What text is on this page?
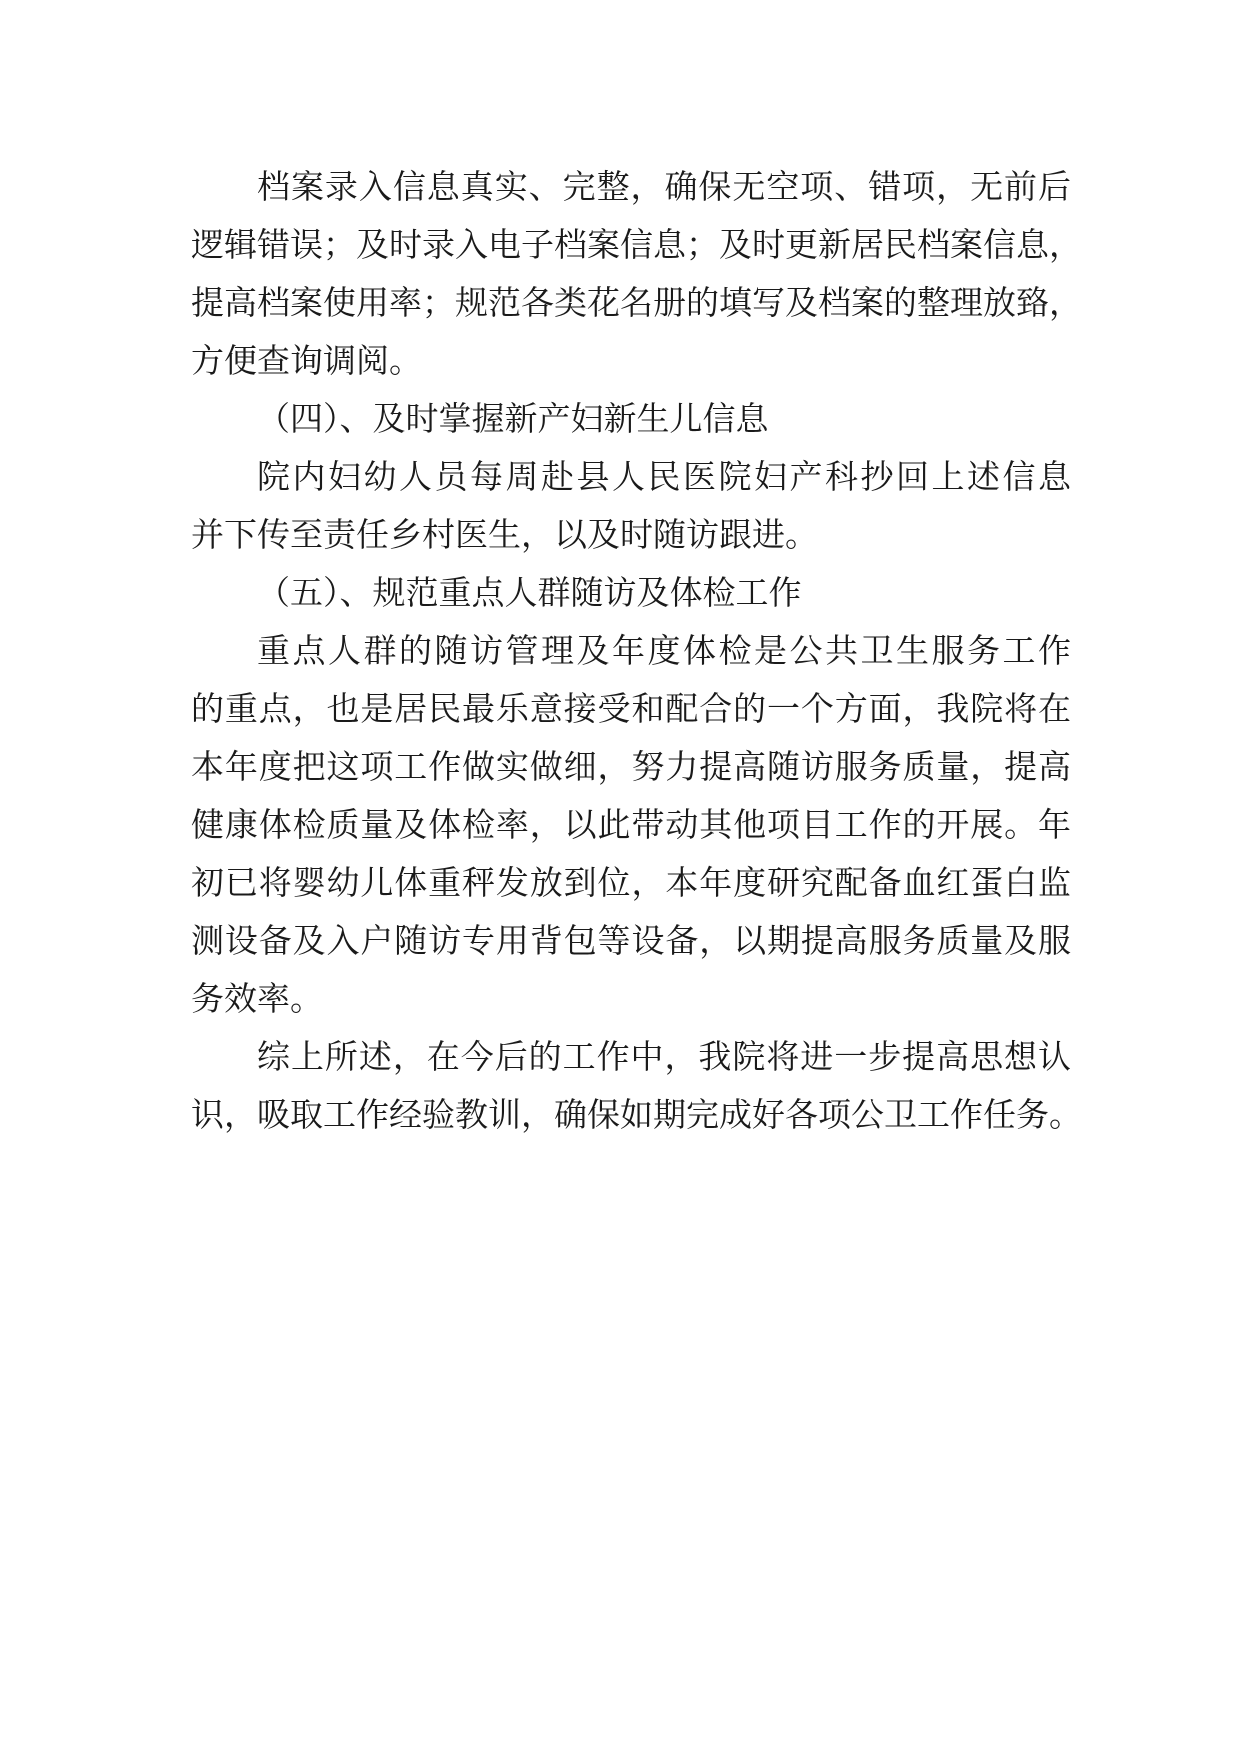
档案录入信息真实、完整，确保无空项、错项，无前后
逻辑错误；及时录入电子档案信息；及时更新居民档案信息，
提高档案使用率；规范各类花名册的填写及档案的整理放臵，
方便查询调阅。
（四）、及时掌握新产妇新生儿信息
院内妇幼人员每周赴县人民医院妇产科抄回上述信息
并下传至责任乡村医生，以及时随访跟进。
（五）、规范重点人群随访及体检工作
重点人群的随访管理及年度体检是公共卫生服务工作
的重点，也是居民最乐意接受和配合的一个方面，我院将在
本年度把这项工作做实做细，努力提高随访服务质量，提高
健康体检质量及体检率，以此带动其他项目工作的开展。年
初已将婴幼儿体重秤发放到位，本年度研究配备血红蛋白监
测设备及入户随访专用背包等设备，以期提高服务质量及服
务效率。
综上所述，在今后的工作中，我院将进一步提高思想认
识，吸取工作经验教训，确保如期完成好各项公卫工作任务。
